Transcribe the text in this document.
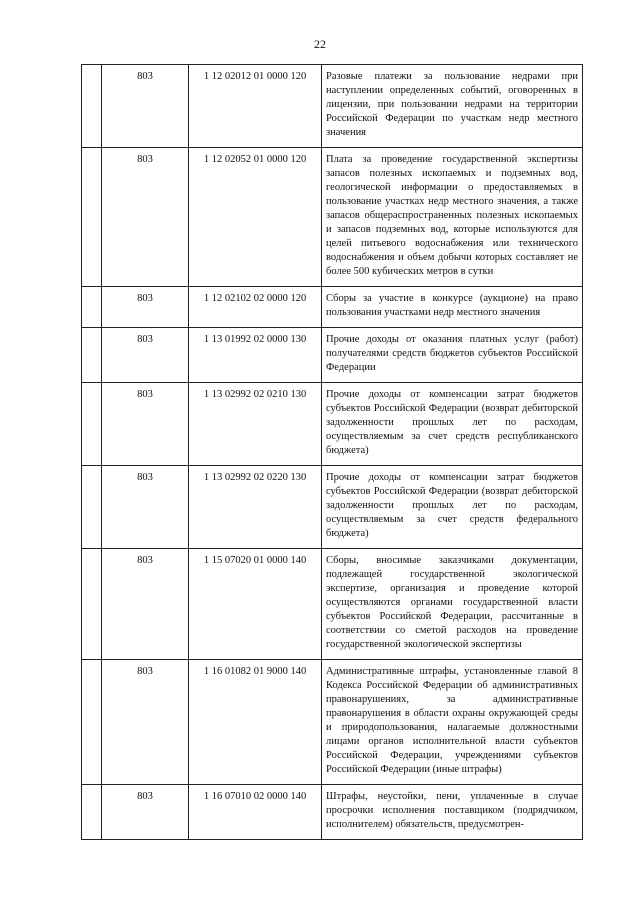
22
	803	1 12 02012 01 0000 120	Разовые платежи за пользование недрами при наступлении определенных событий, оговоренных в лицензии, при пользовании недрами на территории Российской Федерации по участкам недр местного значения
	803	1 12 02052 01 0000 120	Плата за проведение государственной экспертизы запасов полезных ископаемых и подземных вод, геологической информации о предоставляемых в пользование участках недр местного значения, а также запасов общераспространенных полезных ископаемых и запасов подземных вод, которые используются для целей питьевого водоснабжения или технического водоснабжения и объем добычи которых составляет не более 500 кубических метров в сутки
	803	1 12 02102 02 0000 120	Сборы за участие в конкурсе (аукционе) на право пользования участками недр местного значения
	803	1 13 01992 02 0000 130	Прочие доходы от оказания платных услуг (работ) получателями средств бюджетов субъектов Российской Федерации
	803	1 13 02992 02 0210 130	Прочие доходы от компенсации затрат бюджетов субъектов Российской Федерации (возврат дебиторской задолженности прошлых лет по расходам, осуществляемым за счет средств республиканского бюджета)
	803	1 13 02992 02 0220 130	Прочие доходы от компенсации затрат бюджетов субъектов Российской Федерации (возврат дебиторской задолженности прошлых лет по расходам, осуществляемым за счет средств федерального бюджета)
	803	1 15 07020 01 0000 140	Сборы, вносимые заказчиками документации, подлежащей государственной экологической экспертизе, организация и проведение которой осуществляются органами государственной власти субъектов Российской Федерации, рассчитанные в соответствии со сметой расходов на проведение государственной экологической экспертизы
	803	1 16 01082 01 9000 140	Административные штрафы, установленные главой 8 Кодекса Российской Федерации об административных правонарушениях, за административные правонарушения в области охраны окружающей среды и природопользования, налагаемые должностными лицами органов исполнительной власти субъектов Российской Федерации, учреждениями субъектов Российской Федерации (иные штрафы)
	803	1 16 07010 02 0000 140	Штрафы, неустойки, пени, уплаченные в случае просрочки исполнения поставщиком (подрядчиком, исполнителем) обязательств, предусмотрен-
